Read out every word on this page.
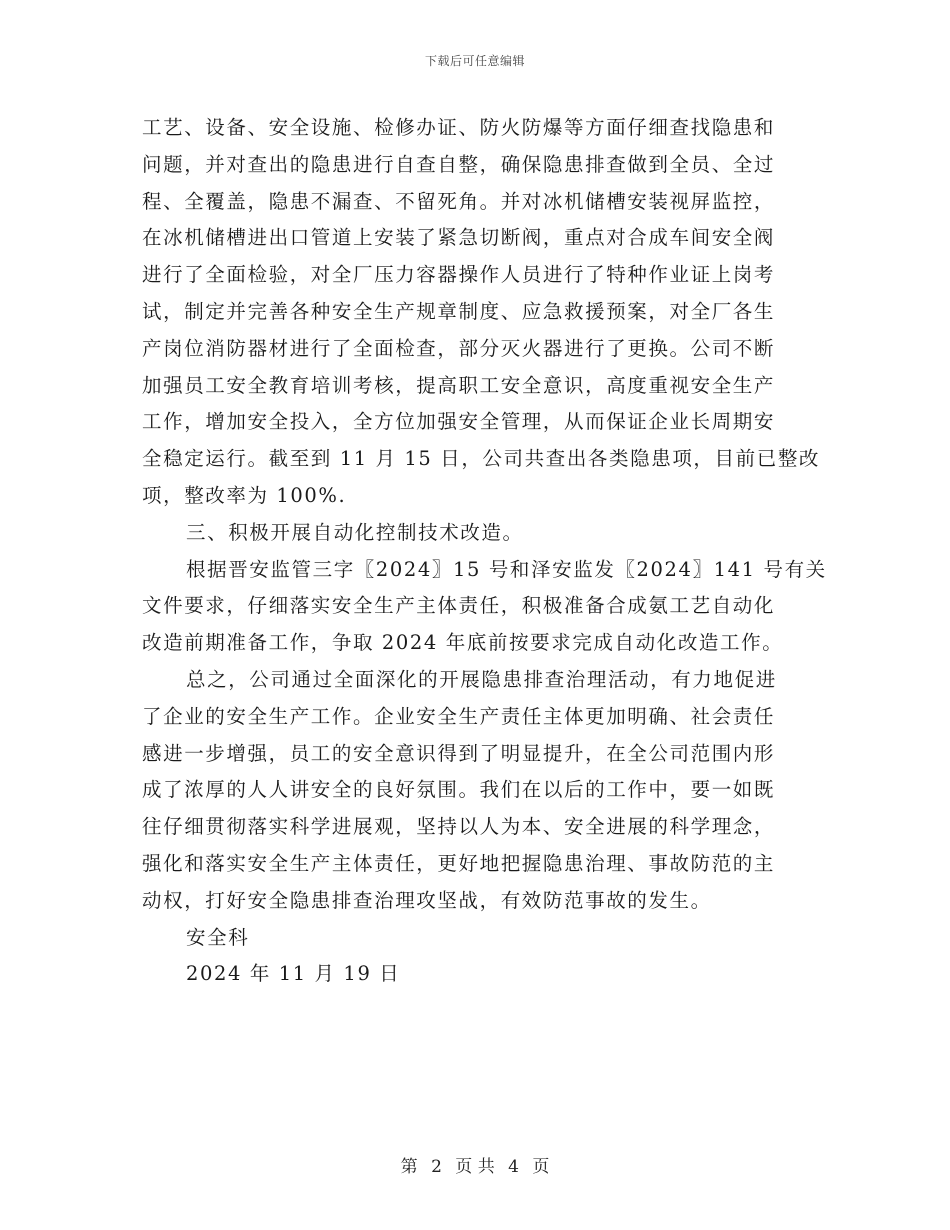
下载后可任意编辑
工艺、设备、安全设施、检修办证、防火防爆等方面仔细查找隐患和
问题，并对查出的隐患进行自查自整，确保隐患排查做到全员、全过
程、全覆盖，隐患不漏查、不留死角。并对冰机储槽安装视屏监控，
在冰机储槽进出口管道上安装了紧急切断阀，重点对合成车间安全阀
进行了全面检验，对全厂压力容器操作人员进行了特种作业证上岗考
试，制定并完善各种安全生产规章制度、应急救援预案，对全厂各生
产岗位消防器材进行了全面检查，部分灭火器进行了更换。公司不断
加强员工安全教育培训考核，提高职工安全意识，高度重视安全生产
工作，增加安全投入，全方位加强安全管理，从而保证企业长周期安
全稳定运行。截至到 11 月 15 日，公司共查出各类隐患项，目前已整改
项，整改率为 100%.
三、积极开展自动化控制技术改造。
根据晋安监管三字〖2024〗15 号和泽安监发〖2024〗141 号有关
文件要求，仔细落实安全生产主体责任，积极准备合成氨工艺自动化
改造前期准备工作，争取 2024 年底前按要求完成自动化改造工作。
总之，公司通过全面深化的开展隐患排查治理活动，有力地促进
了企业的安全生产工作。企业安全生产责任主体更加明确、社会责任
感进一步增强，员工的安全意识得到了明显提升，在全公司范围内形
成了浓厚的人人讲安全的良好氛围。我们在以后的工作中，要一如既
往仔细贯彻落实科学进展观，坚持以人为本、安全进展的科学理念，
强化和落实安全生产主体责任，更好地把握隐患治理、事故防范的主
动权，打好安全隐患排查治理攻坚战，有效防范事故的发生。
安全科
2024 年 11 月 19 日
第 2 页 共 4 页
